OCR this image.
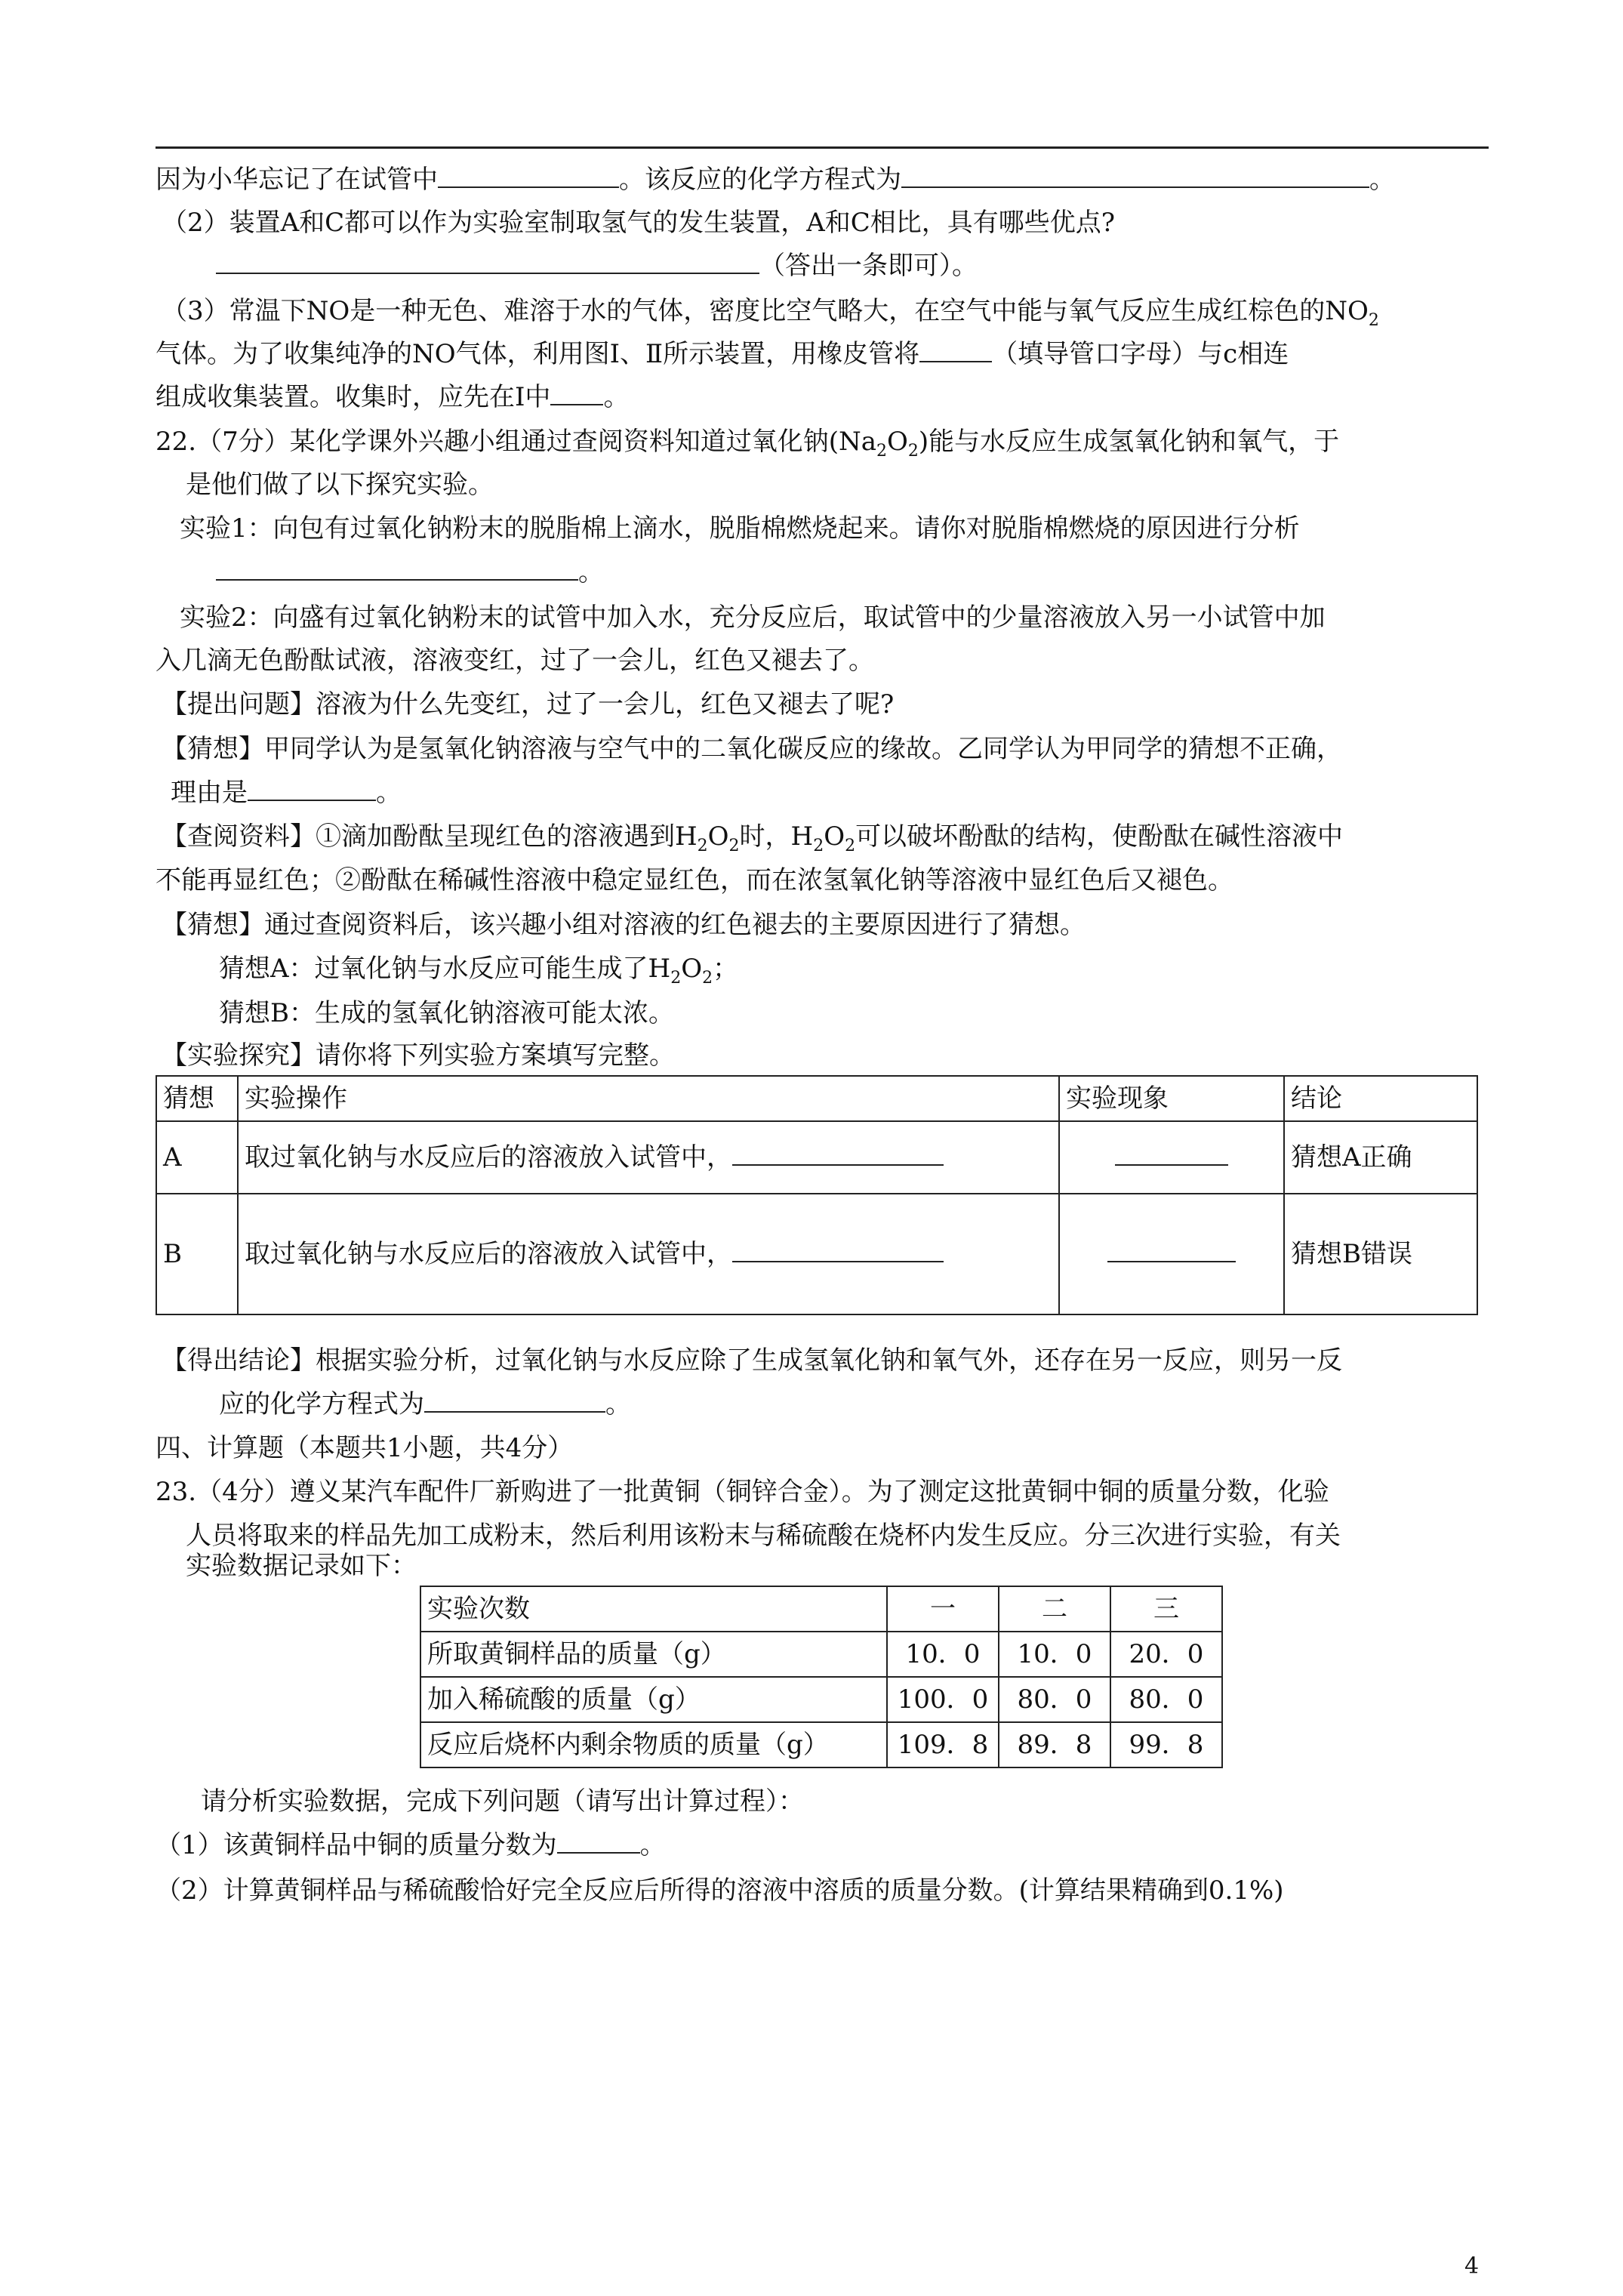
因为小华忘记了在试管中	。该反应的化学方程式为	。
（2）装置A和C都可以作为实验室制取氢气的发生装置，A和C相比，具有哪些优点?
（答出一条即可）。
（3）常温下NO是一种无色、难溶于水的气体，密度比空气略大，在空气中能与氧气反应生成红棕色的$NO_2$
气体。为了收集纯净的NO气体，利用图Ⅰ、Ⅱ所示装置，用橡皮管将	（填导管口字母）与c相连
组成收集装置。收集时，应先在Ⅰ中 。
22.（7分）某化学课外兴趣小组通过查阅资料知道过氧化钠$(Na_2O_2)$能与水反应生成氢氧化钠和氧气，于
是他们做了以下探究实验。
实验1：向包有过氧化钠粉末的脱脂棉上滴水，脱脂棉燃烧起来。请你对脱脂棉燃烧的原因进行分析
。
实验2：向盛有过氧化钠粉末的试管中加入水，充分反应后，取试管中的少量溶液放入另一小试管中加
入几滴无色酚酞试液，溶液变红，过了一会儿，红色又褪去了。
【提出问题】溶液为什么先变红，过了一会儿，红色又褪去了呢?
【猜想】甲同学认为是氢氧化钠溶液与空气中的二氧化碳反应的缘故。乙同学认为甲同学的猜想不正确，
理由是	。
【查阅资料】①滴加酚酞呈现红色的溶液遇到$H_2O_2$时，$H_2O_2$可以破坏酚酞的结构，使酚酞在碱性溶液中
不能再显红色；②酚酞在稀碱性溶液中稳定显红色，而在浓氢氧化钠等溶液中显红色后又褪色。
【猜想】通过查阅资料后，该兴趣小组对溶液的红色褪去的主要原因进行了猜想。
猜想A：过氧化钠与水反应可能生成了$H_2O_2$；
猜想B：生成的氢氧化钠溶液可能太浓。
【实验探究】请你将下列实验方案填写完整。
猜想	实验操作	实验现象	结论
A	取过氧化钠与水反应后的溶液放入试管中，		猜想A正确
B	取过氧化钠与水反应后的溶液放入试管中，		猜想B错误
【得出结论】根据实验分析，过氧化钠与水反应除了生成氢氧化钠和氧气外，还存在另一反应，则另一反
应的化学方程式为	。
四、计算题（本题共1小题，共4分）
23.（4分）遵义某汽车配件厂新购进了一批黄铜（铜锌合金）。为了测定这批黄铜中铜的质量分数，化验
人员将取来的样品先加工成粉末，然后利用该粉末与稀硫酸在烧杯内发生反应。分三次进行实验，有关
实验数据记录如下：
实验次数	一	二	三
所取黄铜样品的质量（g）	10．0	10．0	20．0
加入稀硫酸的质量（g）	100．0	80．0	80．0
反应后烧杯内剩余物质的质量（g）	109．8	89．8	99．8
请分析实验数据，完成下列问题（请写出计算过程）：
（1）该黄铜样品中铜的质量分数为	。
（2）计算黄铜样品与稀硫酸恰好完全反应后所得的溶液中溶质的质量分数。(计算结果精确到0.1%)
4
